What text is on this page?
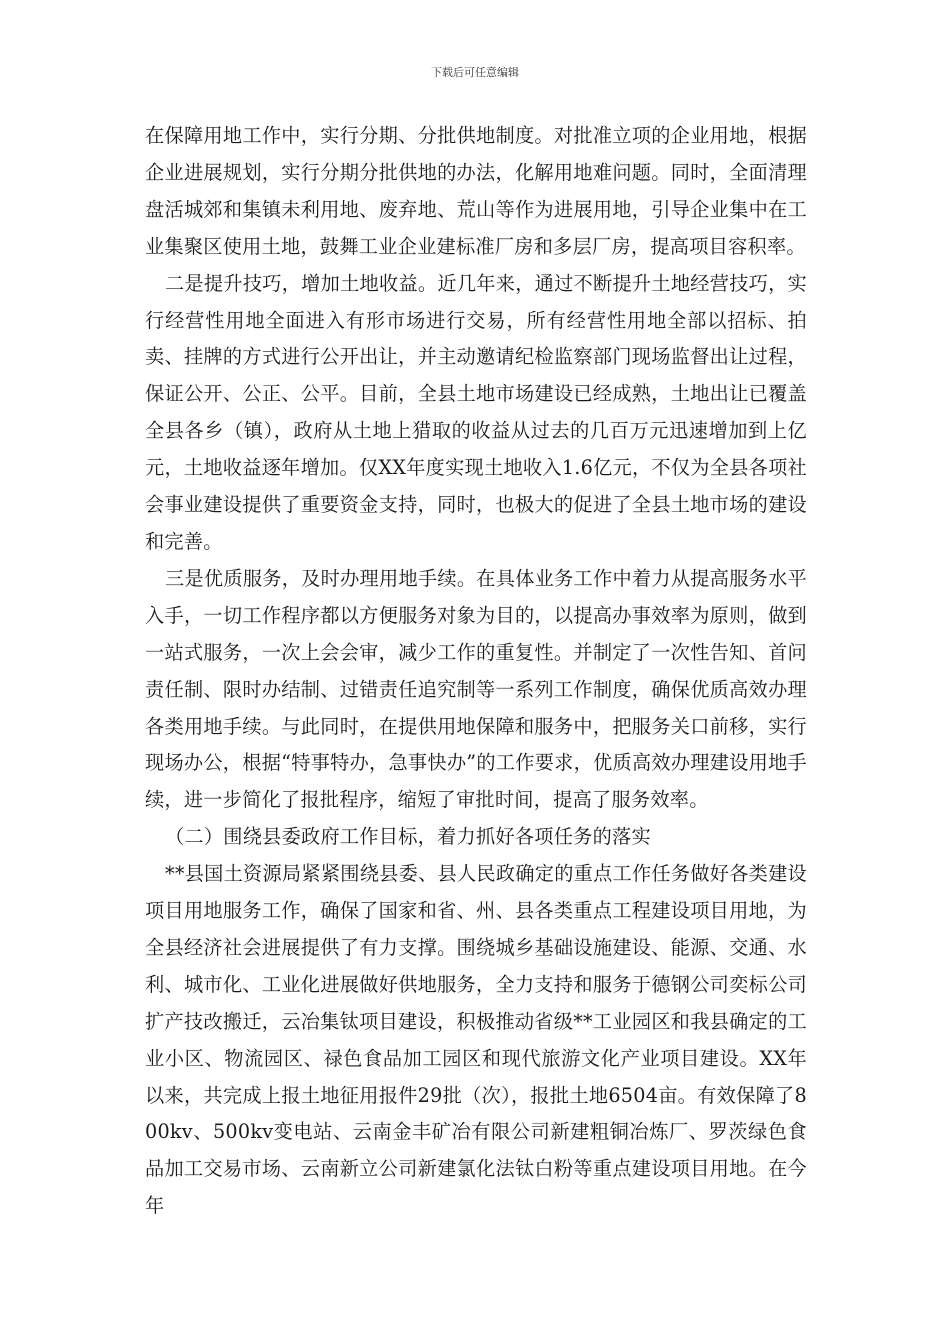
下载后可任意编辑

在保障用地工作中，实行分期、分批供地制度。对批准立项的企业用地，根据企业进展规划，实行分期分批供地的办法，化解用地难问题。同时，全面清理盘活城郊和集镇未利用地、废弃地、荒山等作为进展用地，引导企业集中在工业集聚区使用土地，鼓舞工业企业建标准厂房和多层厂房，提高项目容积率。

二是提升技巧，增加土地收益。近几年来，通过不断提升土地经营技巧，实行经营性用地全面进入有形市场进行交易，所有经营性用地全部以招标、拍卖、挂牌的方式进行公开出让，并主动邀请纪检监察部门现场监督出让过程，保证公开、公正、公平。目前，全县土地市场建设已经成熟，土地出让已覆盖全县各乡（镇），政府从土地上猎取的收益从过去的几百万元迅速增加到上亿元，土地收益逐年增加。仅XX年度实现土地收入1.6亿元，不仅为全县各项社会事业建设提供了重要资金支持，同时，也极大的促进了全县土地市场的建设和完善。

三是优质服务，及时办理用地手续。在具体业务工作中着力从提高服务水平入手，一切工作程序都以方便服务对象为目的，以提高办事效率为原则，做到一站式服务，一次上会会审，减少工作的重复性。并制定了一次性告知、首问责任制、限时办结制、过错责任追究制等一系列工作制度，确保优质高效办理各类用地手续。与此同时，在提供用地保障和服务中，把服务关口前移，实行现场办公，根据“特事特办，急事快办”的工作要求，优质高效办理建设用地手续，进一步简化了报批程序，缩短了审批时间，提高了服务效率。

（二）围绕县委政府工作目标，着力抓好各项任务的落实

**县国土资源局紧紧围绕县委、县人民政确定的重点工作任务做好各类建设项目用地服务工作，确保了国家和省、州、县各类重点工程建设项目用地，为全县经济社会进展提供了有力支撑。围绕城乡基础设施建设、能源、交通、水利、城市化、工业化进展做好供地服务，全力支持和服务于德钢公司奕标公司扩产技改搬迁，云冶集钛项目建设，积极推动省级**工业园区和我县确定的工业小区、物流园区、禄色食品加工园区和现代旅游文化产业项目建设。XX年以来，共完成上报土地征用报件29批（次），报批土地6504亩。有效保障了800kv、500kv变电站、云南金丰矿冶有限公司新建粗铜冶炼厂、罗茨绿色食品加工交易市场、云南新立公司新建氯化法钛白粉等重点建设项目用地。在今年
